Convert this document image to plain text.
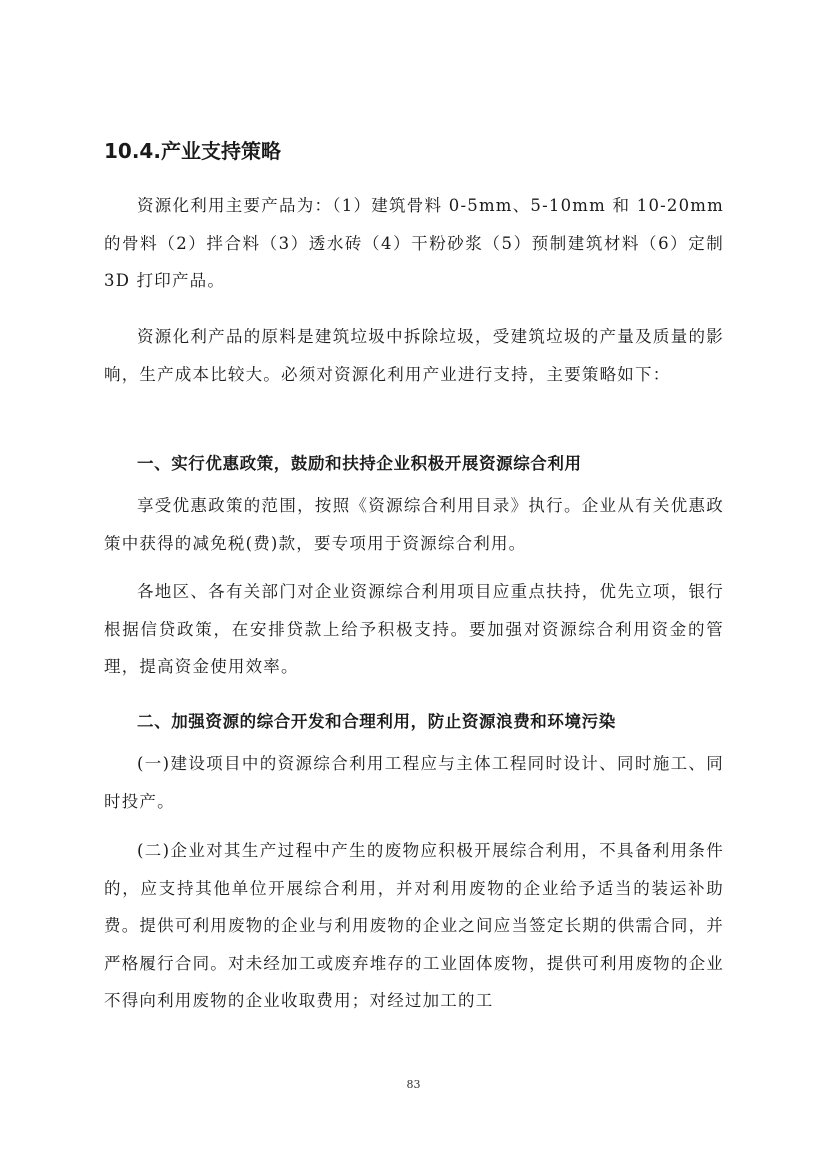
10.4.产业支持策略

资源化利用主要产品为：（1）建筑骨料 0-5mm、5-10mm 和 10-20mm 的骨料（2）拌合料（3）透水砖（4）干粉砂浆（5）预制建筑材料（6）定制 3D 打印产品。

资源化利产品的原料是建筑垃圾中拆除垃圾，受建筑垃圾的产量及质量的影响，生产成本比较大。必须对资源化利用产业进行支持，主要策略如下：

一、实行优惠政策，鼓励和扶持企业积极开展资源综合利用

享受优惠政策的范围，按照《资源综合利用目录》执行。企业从有关优惠政策中获得的减免税(费)款，要专项用于资源综合利用。

各地区、各有关部门对企业资源综合利用项目应重点扶持，优先立项，银行根据信贷政策，在安排贷款上给予积极支持。要加强对资源综合利用资金的管理，提高资金使用效率。

二、加强资源的综合开发和合理利用，防止资源浪费和环境污染

(一)建设项目中的资源综合利用工程应与主体工程同时设计、同时施工、同时投产。

(二)企业对其生产过程中产生的废物应积极开展综合利用，不具备利用条件的，应支持其他单位开展综合利用，并对利用废物的企业给予适当的装运补助费。提供可利用废物的企业与利用废物的企业之间应当签定长期的供需合同，并严格履行合同。对未经加工或废弃堆存的工业固体废物，提供可利用废物的企业不得向利用废物的企业收取费用；对经过加工的工

83
